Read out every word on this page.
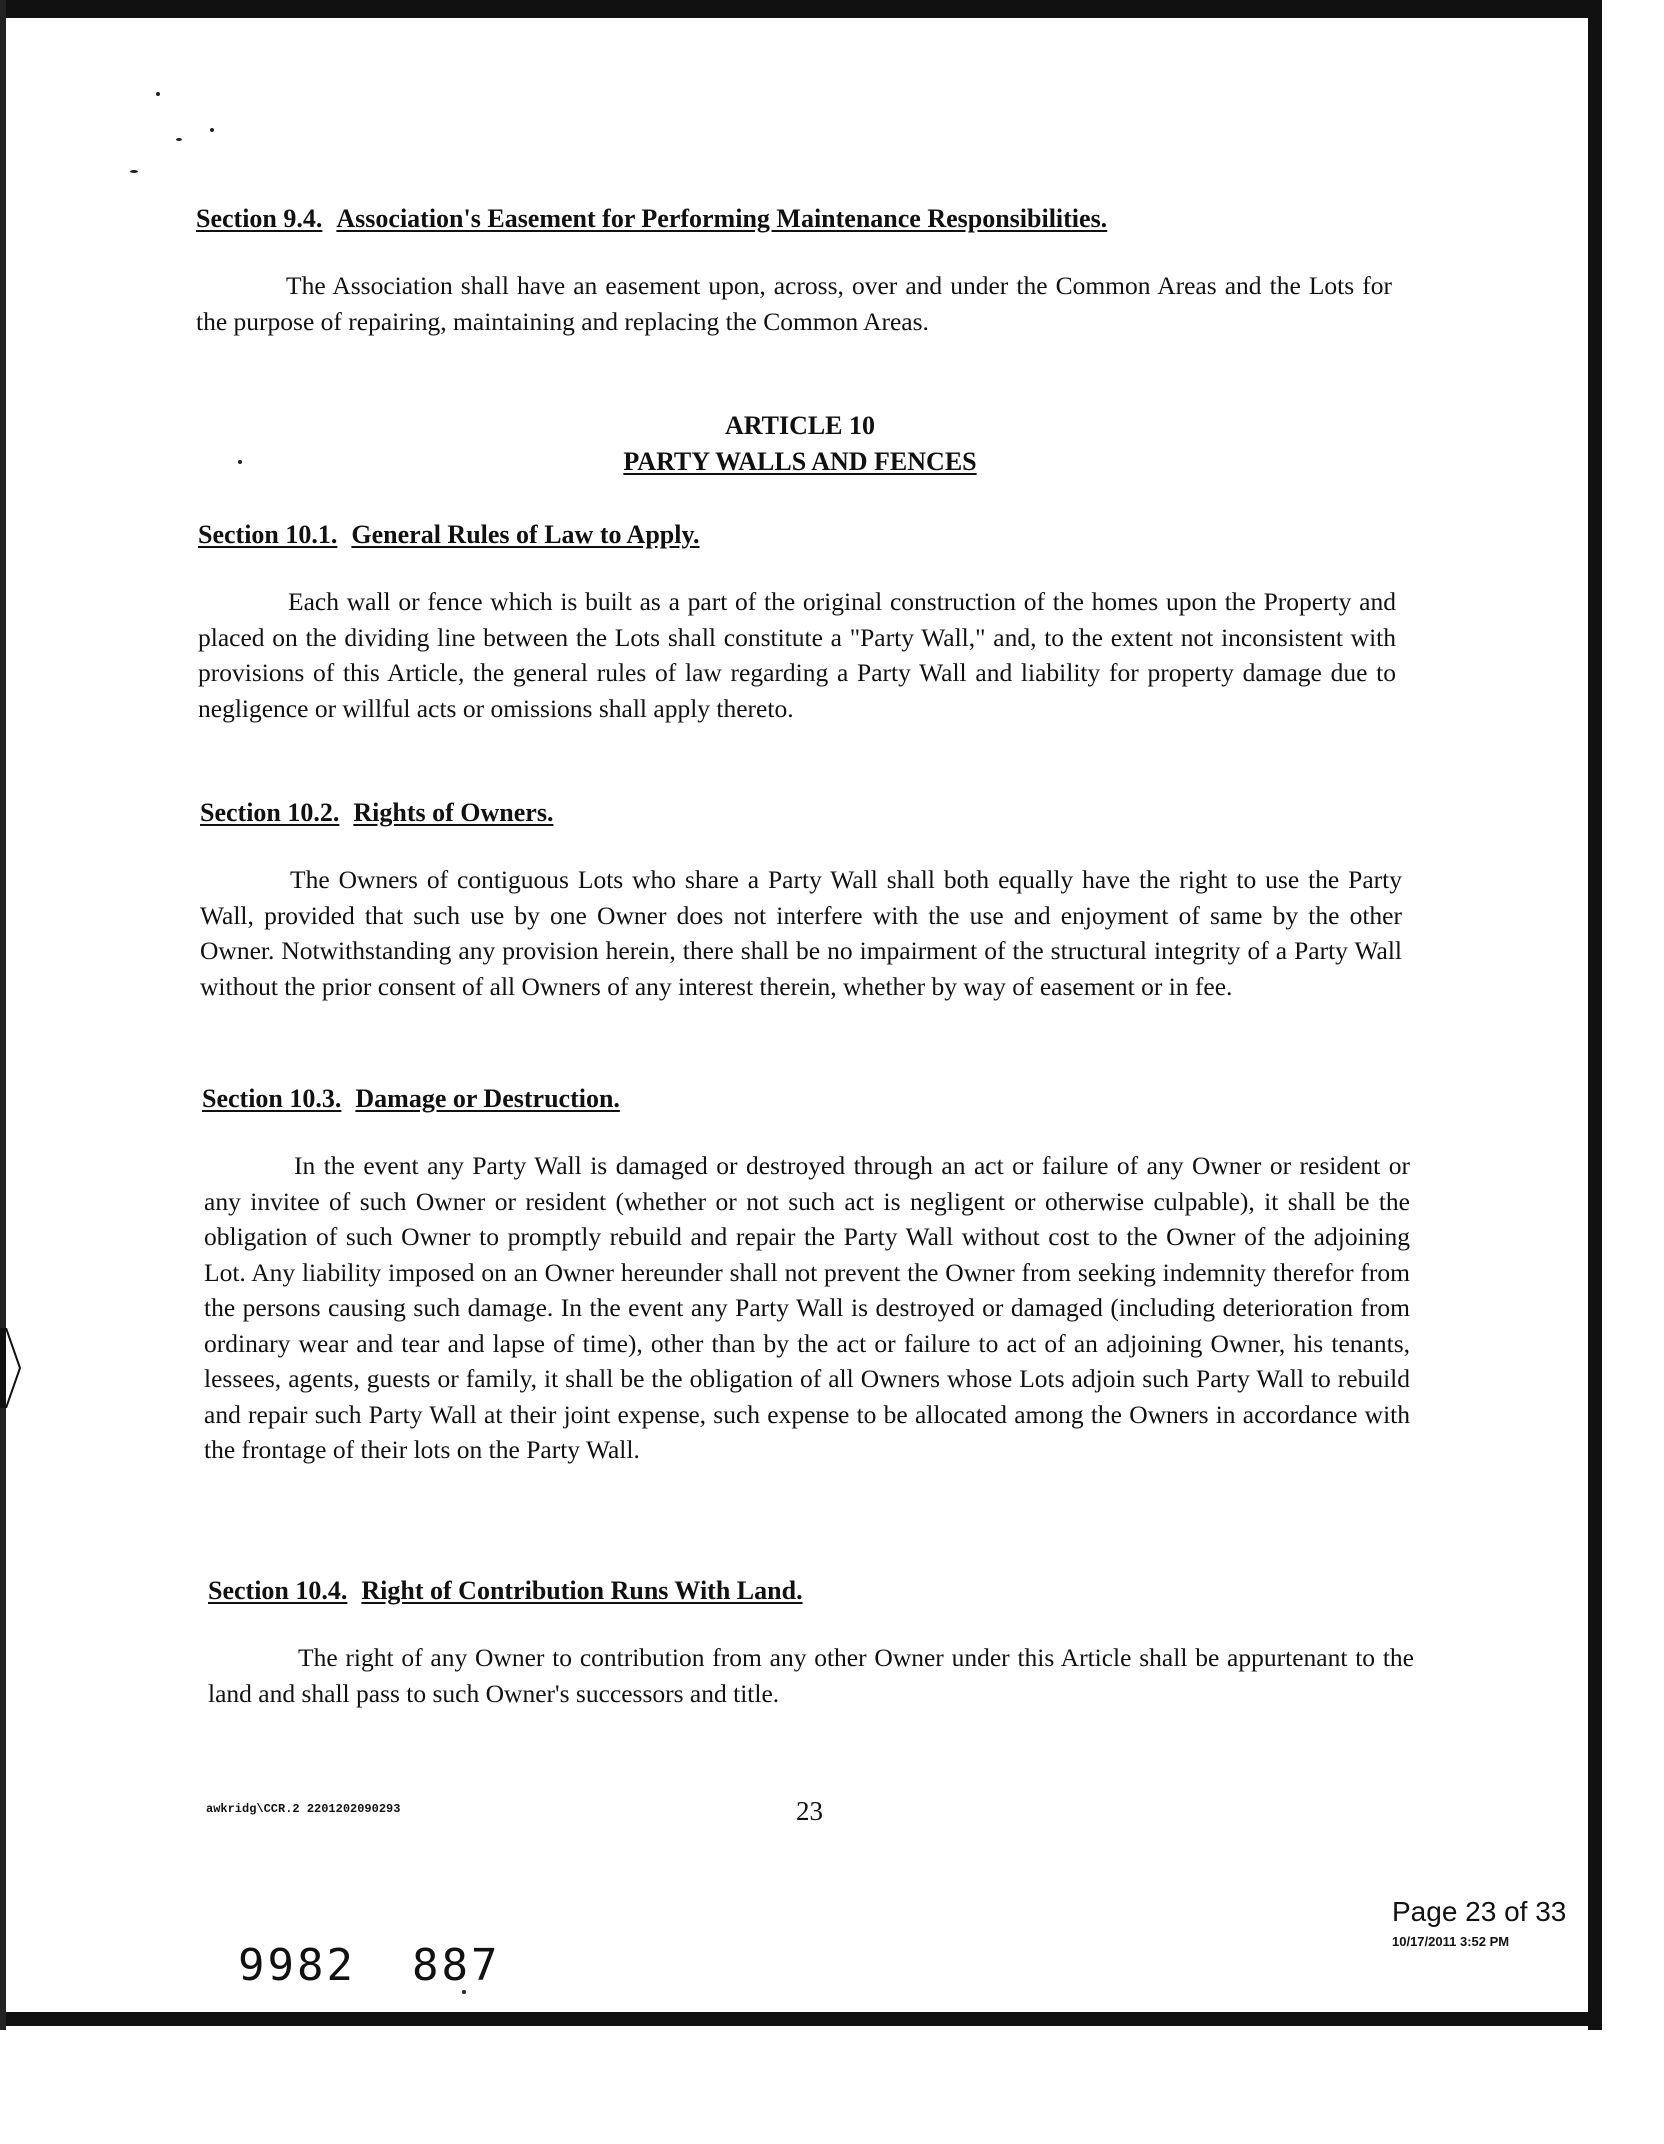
Section 9.4. Association's Easement for Performing Maintenance Responsibilities.
The Association shall have an easement upon, across, over and under the Common Areas and the Lots for the purpose of repairing, maintaining and replacing the Common Areas.
ARTICLE 10
PARTY WALLS AND FENCES
Section 10.1. General Rules of Law to Apply.
Each wall or fence which is built as a part of the original construction of the homes upon the Property and placed on the dividing line between the Lots shall constitute a "Party Wall," and, to the extent not inconsistent with provisions of this Article, the general rules of law regarding a Party Wall and liability for property damage due to negligence or willful acts or omissions shall apply thereto.
Section 10.2. Rights of Owners.
The Owners of contiguous Lots who share a Party Wall shall both equally have the right to use the Party Wall, provided that such use by one Owner does not interfere with the use and enjoyment of same by the other Owner. Notwithstanding any provision herein, there shall be no impairment of the structural integrity of a Party Wall without the prior consent of all Owners of any interest therein, whether by way of easement or in fee.
Section 10.3. Damage or Destruction.
In the event any Party Wall is damaged or destroyed through an act or failure of any Owner or resident or any invitee of such Owner or resident (whether or not such act is negligent or otherwise culpable), it shall be the obligation of such Owner to promptly rebuild and repair the Party Wall without cost to the Owner of the adjoining Lot. Any liability imposed on an Owner hereunder shall not prevent the Owner from seeking indemnity therefor from the persons causing such damage. In the event any Party Wall is destroyed or damaged (including deterioration from ordinary wear and tear and lapse of time), other than by the act or failure to act of an adjoining Owner, his tenants, lessees, agents, guests or family, it shall be the obligation of all Owners whose Lots adjoin such Party Wall to rebuild and repair such Party Wall at their joint expense, such expense to be allocated among the Owners in accordance with the frontage of their lots on the Party Wall.
Section 10.4. Right of Contribution Runs With Land.
The right of any Owner to contribution from any other Owner under this Article shall be appurtenant to the land and shall pass to such Owner's successors and title.
awkridg\CCR.2 2201202090293	23
Page 23 of 33
10/17/2011 3:52 PM
9982 887
